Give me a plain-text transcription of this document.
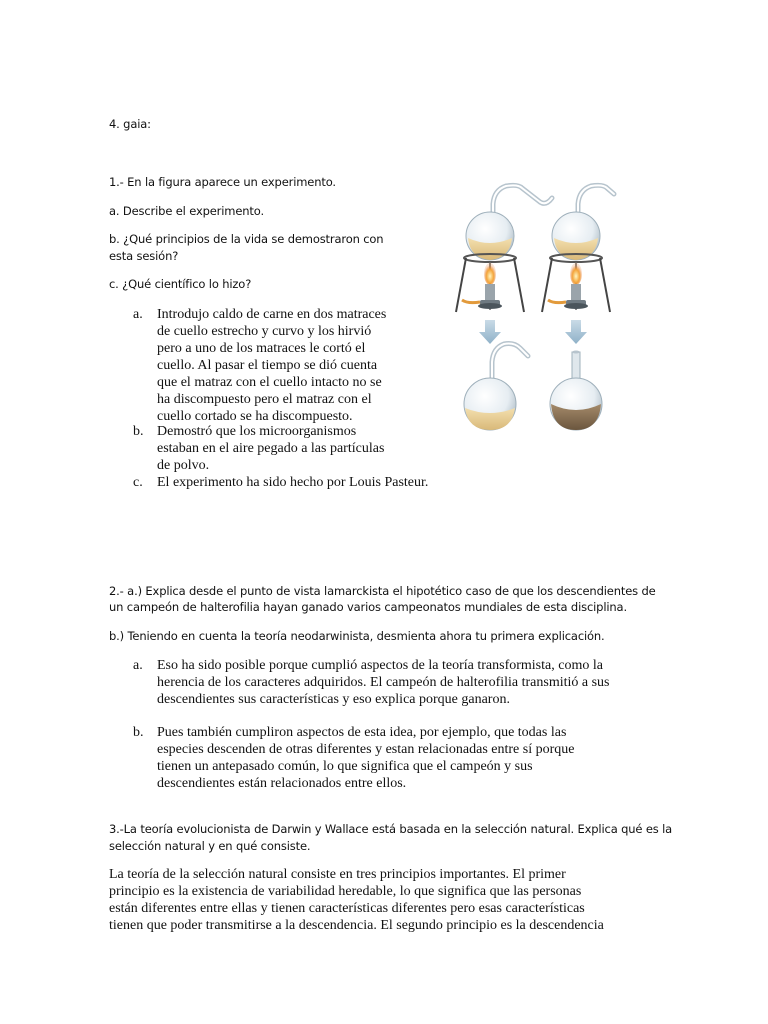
4. gaia:
1.- En la figura aparece un experimento.
a. Describe el experimento.
b. ¿Qué principios de la vida se demostraron con
esta sesión?
c. ¿Qué científico lo hizo?
a. Introdujo caldo de carne en dos matraces
de cuello estrecho y curvo y los hirvió
pero a uno de los matraces le cortó el
cuello. Al pasar el tiempo se dió cuenta
que el matraz con el cuello intacto no se
ha discompuesto pero el matraz con el
cuello cortado se ha discompuesto.
b. Demostró que los microorganismos
estaban en el aire pegado a las partículas
de polvo.
c. El experimento ha sido hecho por Louis Pasteur.
2.- a.) Explica desde el punto de vista lamarckista el hipotético caso de que los descendientes de
un campeón de halterofilia hayan ganado varios campeonatos mundiales de esta disciplina.
b.) Teniendo en cuenta la teoría neodarwinista, desmienta ahora tu primera explicación.
a. Eso ha sido posible porque cumplió aspectos de la teoría transformista, como la
herencia de los caracteres adquiridos. El campeón de halterofilia transmitió a sus
descendientes sus características y eso explica porque ganaron.
b. Pues también cumpliron aspectos de esta idea, por ejemplo, que todas las
especies descenden de otras diferentes y estan relacionadas entre sí porque
tienen un antepasado común, lo que significa que el campeón y sus
descendientes están relacionados entre ellos.
3.-La teoría evolucionista de Darwin y Wallace está basada en la selección natural. Explica qué es la
selección natural y en qué consiste.
La teoría de la selección natural consiste en tres principios importantes. El primer
principio es la existencia de variabilidad heredable, lo que significa que las personas
están diferentes entre ellas y tienen características diferentes pero esas características
tienen que poder transmitirse a la descendencia. El segundo principio es la descendencia
